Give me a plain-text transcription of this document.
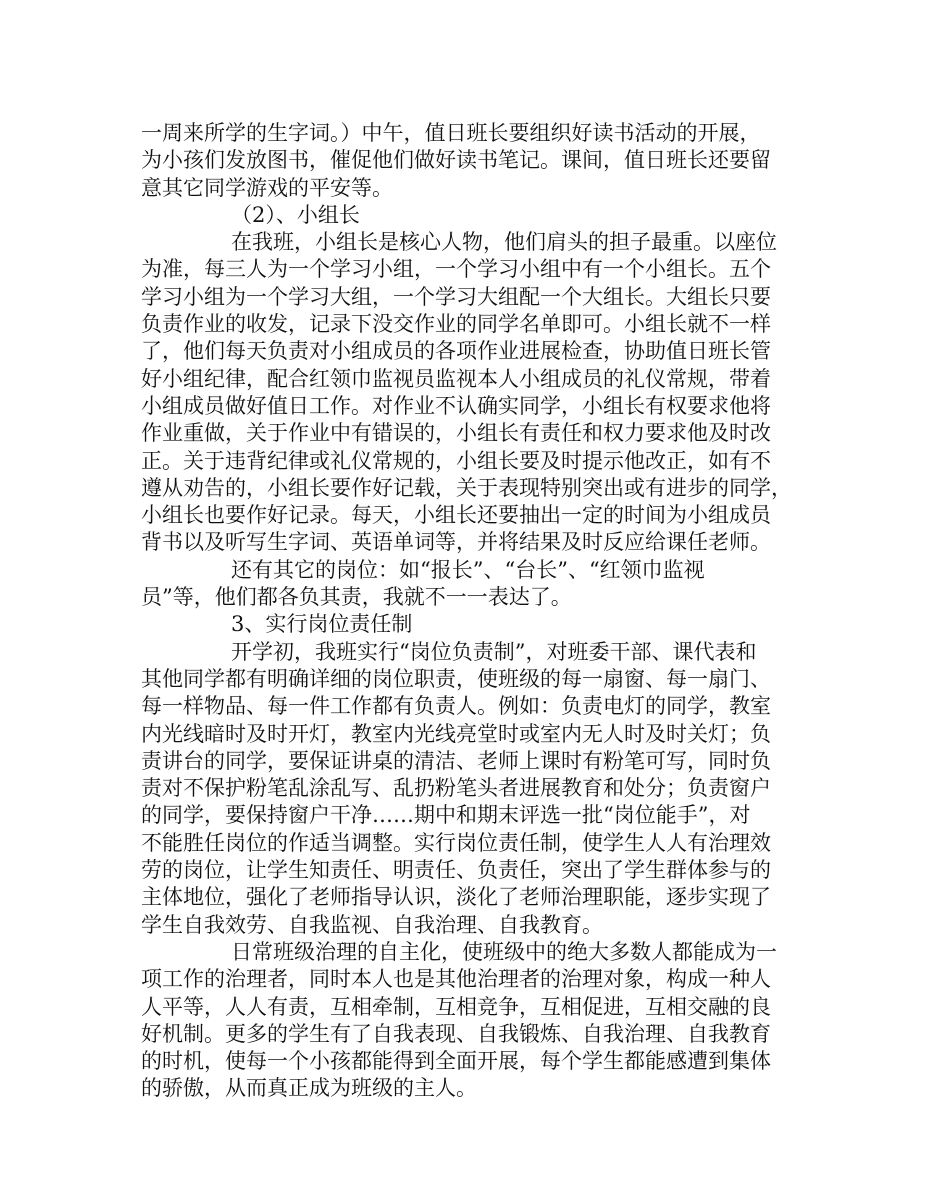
一周来所学的生字词。）中午，值日班长要组织好读书活动的开展，
为小孩们发放图书，催促他们做好读书笔记。课间，值日班长还要留
意其它同学游戏的平安等。
（2）、小组长
在我班，小组长是核心人物，他们肩头的担子最重。以座位
为准，每三人为一个学习小组，一个学习小组中有一个小组长。五个
学习小组为一个学习大组，一个学习大组配一个大组长。大组长只要
负责作业的收发，记录下没交作业的同学名单即可。小组长就不一样
了，他们每天负责对小组成员的各项作业进展检查，协助值日班长管
好小组纪律，配合红领巾监视员监视本人小组成员的礼仪常规，带着
小组成员做好值日工作。对作业不认确实同学，小组长有权要求他将
作业重做，关于作业中有错误的，小组长有责任和权力要求他及时改
正。关于违背纪律或礼仪常规的，小组长要及时提示他改正，如有不
遵从劝告的，小组长要作好记载，关于表现特别突出或有进步的同学，
小组长也要作好记录。每天，小组长还要抽出一定的时间为小组成员
背书以及听写生字词、英语单词等，并将结果及时反应给课任老师。
还有其它的岗位：如“报长”、“台长”、“红领巾监视
员”等，他们都各负其责，我就不一一表达了。
3、实行岗位责任制
开学初，我班实行“岗位负责制”，对班委干部、课代表和
其他同学都有明确详细的岗位职责，使班级的每一扇窗、每一扇门、
每一样物品、每一件工作都有负责人。例如：负责电灯的同学，教室
内光线暗时及时开灯，教室内光线亮堂时或室内无人时及时关灯；负
责讲台的同学，要保证讲桌的清洁、老师上课时有粉笔可写，同时负
责对不保护粉笔乱涂乱写、乱扔粉笔头者进展教育和处分；负责窗户
的同学，要保持窗户干净……期中和期末评选一批“岗位能手”，对
不能胜任岗位的作适当调整。实行岗位责任制，使学生人人有治理效
劳的岗位，让学生知责任、明责任、负责任，突出了学生群体参与的
主体地位，强化了老师指导认识，淡化了老师治理职能，逐步实现了
学生自我效劳、自我监视、自我治理、自我教育。
日常班级治理的自主化，使班级中的绝大多数人都能成为一
项工作的治理者，同时本人也是其他治理者的治理对象，构成一种人
人平等，人人有责，互相牵制，互相竞争，互相促进，互相交融的良
好机制。更多的学生有了自我表现、自我锻炼、自我治理、自我教育
的时机，使每一个小孩都能得到全面开展，每个学生都能感遭到集体
的骄傲，从而真正成为班级的主人。
